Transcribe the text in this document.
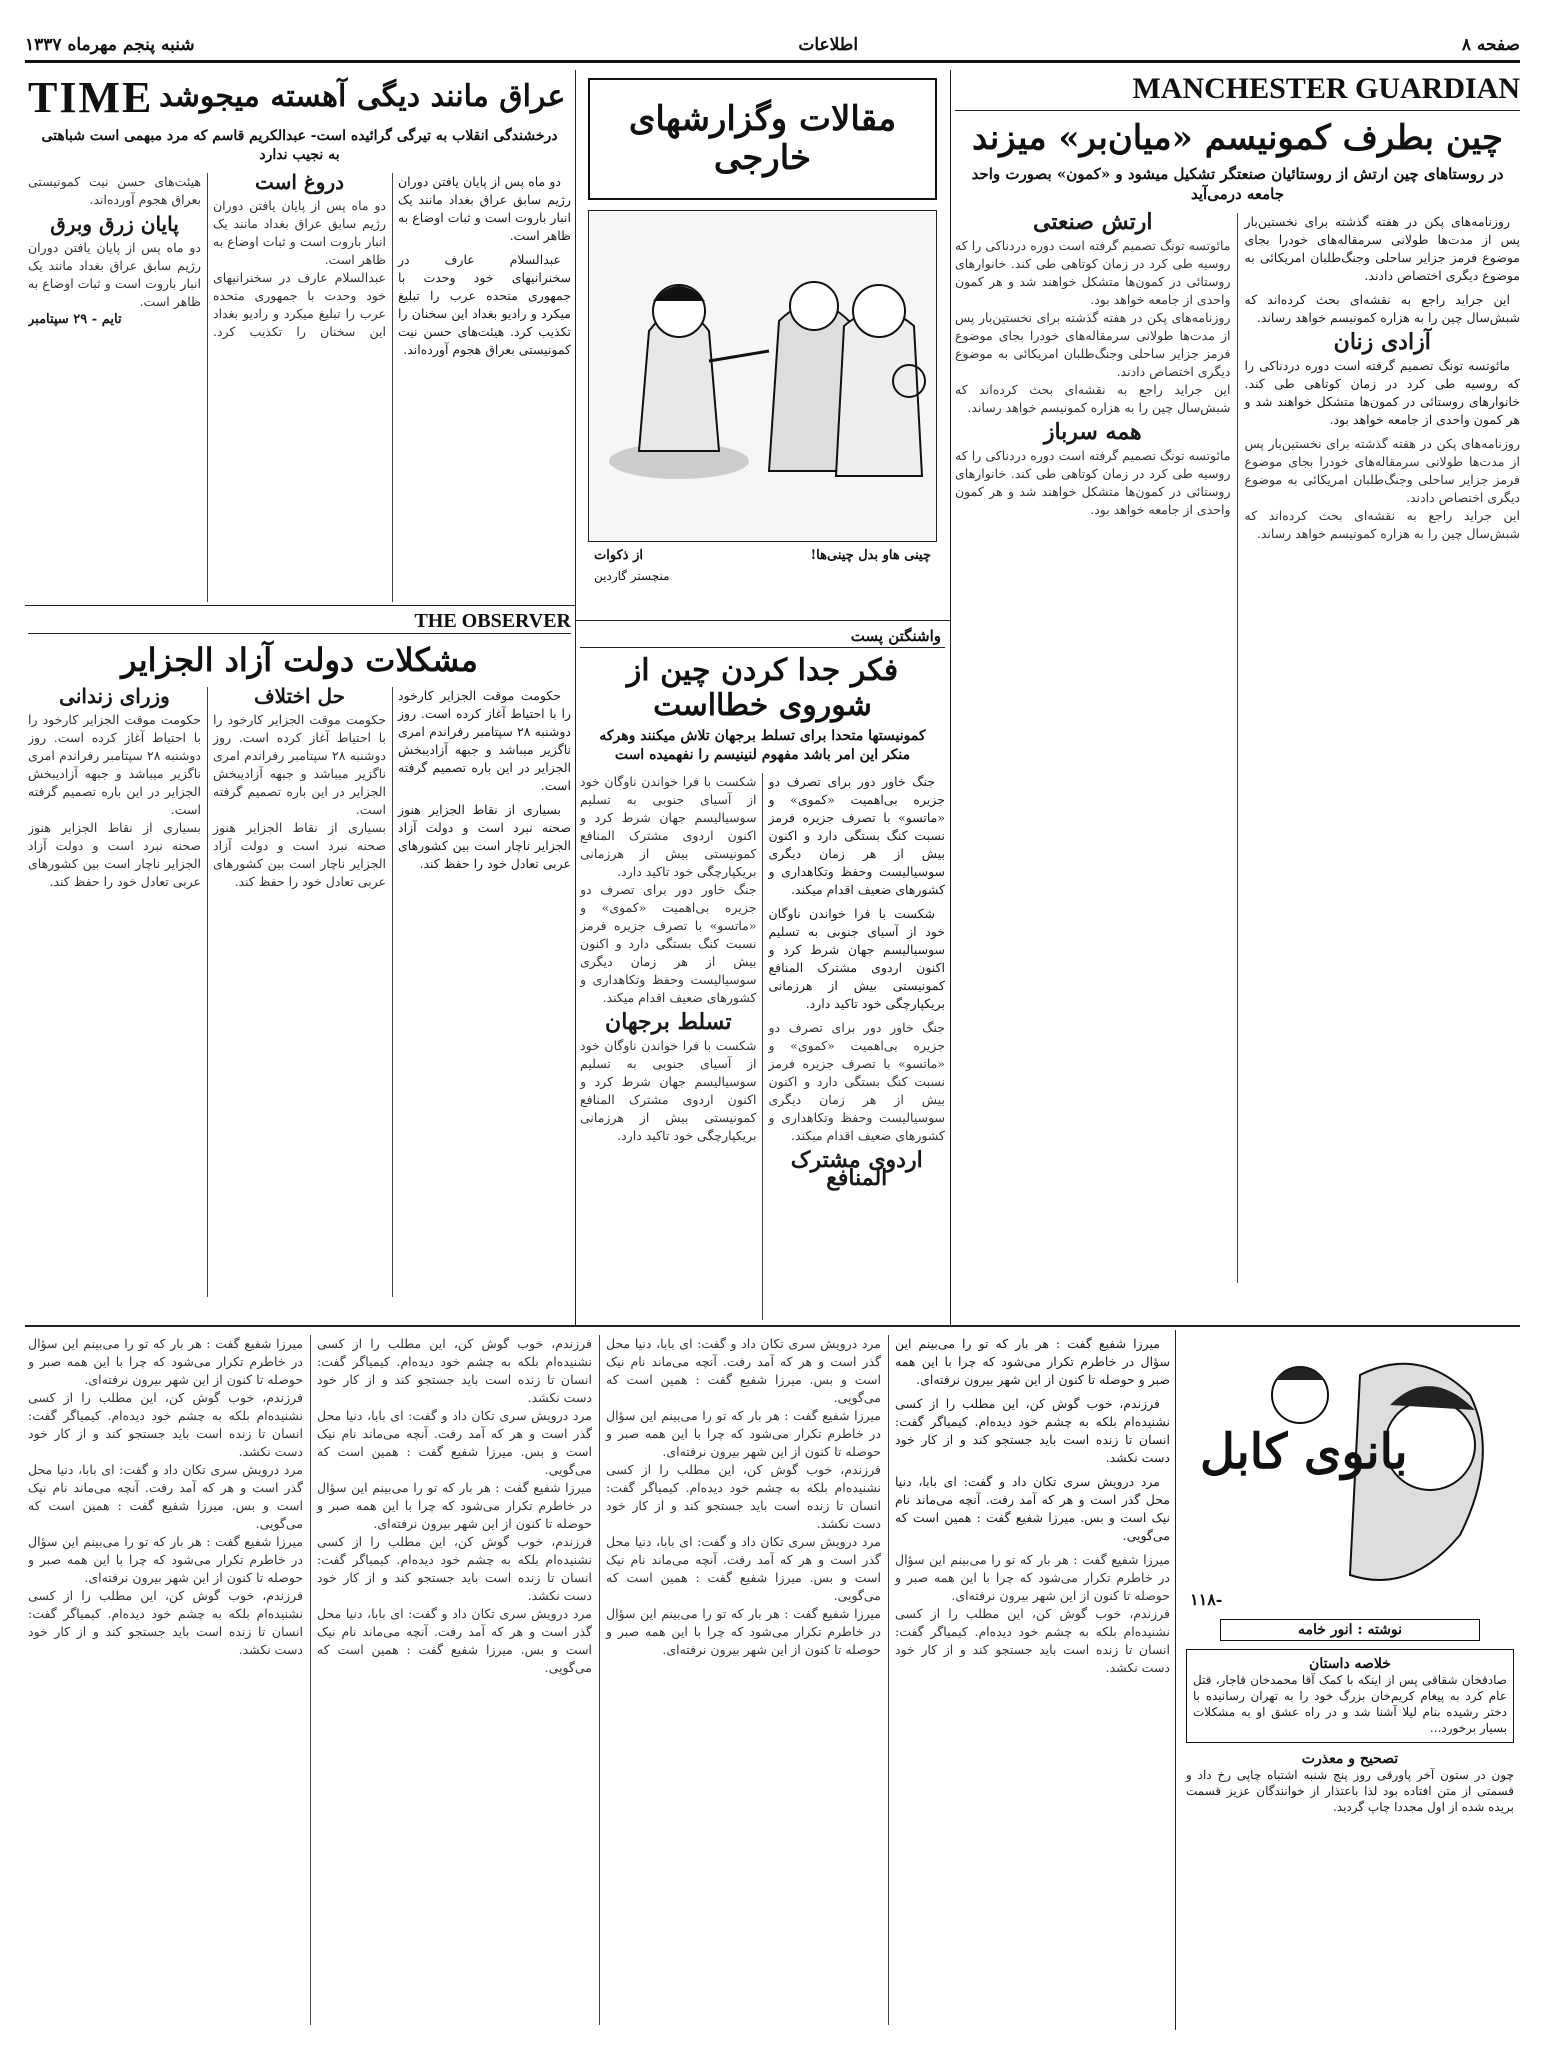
صفحه ۸
اطلاعات
شنبه پنجم مهرماه ۱۳۳۷
MANCHESTER GUARDIAN
چین بطرف کمونیسم «میان‌بر» میزند
در روستاهای چین ارتش از روستائیان صنعتگر تشکیل میشود و «کمون» بصورت واحد جامعه درمی‌آید

روزنامه‌های پکن در هفته گذشته برای نخستین‌بار پس از مدت‌ها طولانی سرمقاله‌های خودرا بجای موضوع فرمز جزایر ساحلی وجنگ‌طلبان امریکائی به موضوع دیگری اختصاص دادند.

این جراید راجع به نقشه‌ای بحث کرده‌اند که شبش‌سال چین را به هزاره کمونیسم خواهد رساند.

آزادی زنان

مائوتسه تونگ تصمیم گرفته است دوره دردناکی را که روسیه طی کرد در زمان کوتاهی طی کند. خانوارهای روستائی در کمون‌ها متشکل خواهند شد و هر کمون واحدی از جامعه خواهد بود.

روزنامه‌های پکن در هفته گذشته برای نخستین‌بار پس از مدت‌ها طولانی سرمقاله‌های خودرا بجای موضوع فرمز جزایر ساحلی وجنگ‌طلبان امریکائی به موضوع دیگری اختصاص دادند.
این جراید راجع به نقشه‌ای بحث کرده‌اند که شبش‌سال چین را به هزاره کمونیسم خواهد رساند.
ارتش صنعتی
مائوتسه تونگ تصمیم گرفته است دوره دردناکی را که روسیه طی کرد در زمان کوتاهی طی کند. خانوارهای روستائی در کمون‌ها متشکل خواهند شد و هر کمون واحدی از جامعه خواهد بود.
روزنامه‌های پکن در هفته گذشته برای نخستین‌بار پس از مدت‌ها طولانی سرمقاله‌های خودرا بجای موضوع فرمز جزایر ساحلی وجنگ‌طلبان امریکائی به موضوع دیگری اختصاص دادند.
این جراید راجع به نقشه‌ای بحث کرده‌اند که شبش‌سال چین را به هزاره کمونیسم خواهد رساند.
همه سرباز
مائوتسه تونگ تصمیم گرفته است دوره دردناکی را که روسیه طی کرد در زمان کوتاهی طی کند. خانوارهای روستائی در کمون‌ها متشکل خواهند شد و هر کمون واحدی از جامعه خواهد بود.
مقالات وگزارشهای خارجی
چینی هاو بدل چینی‌ها!
از ذکوات
منچستر گاردین
واشنگتن پست
فکر جدا کردن چین از شوروی خطااست
کمونیستها متحدا برای تسلط برجهان تلاش میکنند وهرکه منکر این امر باشد مفهوم لنینیسم را نفهمیده است

جنگ خاور دور برای تصرف دو جزیره بی‌اهمیت «کموی» و «ماتسو» با تصرف جزیره فرمز نسبت کنگ بستگی دارد و اکنون بیش از هر زمان دیگری سوسیالیست وحفظ وتکاهداری و کشورهای ضعیف اقدام میکند.

شکست با فرا خواندن ناوگان خود از آسیای جنوبی به تسلیم سوسیالیسم جهان شرط کرد و اکنون اردوی مشترک المنافع کمونیستی بیش از هرزمانی بریکپارچگی خود تاکید دارد.

جنگ خاور دور برای تصرف دو جزیره بی‌اهمیت «کموی» و «ماتسو» با تصرف جزیره فرمز نسبت کنگ بستگی دارد و اکنون بیش از هر زمان دیگری سوسیالیست وحفظ وتکاهداری و کشورهای ضعیف اقدام میکند.
اردوی مشترک المنافع
شکست با فرا خواندن ناوگان خود از آسیای جنوبی به تسلیم سوسیالیسم جهان شرط کرد و اکنون اردوی مشترک المنافع کمونیستی بیش از هرزمانی بریکپارچگی خود تاکید دارد.
جنگ خاور دور برای تصرف دو جزیره بی‌اهمیت «کموی» و «ماتسو» با تصرف جزیره فرمز نسبت کنگ بستگی دارد و اکنون بیش از هر زمان دیگری سوسیالیست وحفظ وتکاهداری و کشورهای ضعیف اقدام میکند.
تسلط برجهان
شکست با فرا خواندن ناوگان خود از آسیای جنوبی به تسلیم سوسیالیسم جهان شرط کرد و اکنون اردوی مشترک المنافع کمونیستی بیش از هرزمانی بریکپارچگی خود تاکید دارد.
عراق مانند دیگی آهسته میجوشد
TIME
درخشندگی انقلاب به تیرگی گرائیده است- عبدالکریم قاسم که مرد مبهمی است شباهتی به نجیب ندارد

دو ماه پس از پایان یافتن دوران رژیم سابق عراق بغداد مانند یک انبار باروت است و ثبات اوضاع به ظاهر است.

عبدالسلام عارف در سخنرانیهای خود وحدت با جمهوری متحده عرب را تبلیغ میکرد و رادیو بغداد این سخنان را تکذیب کرد. هیئت‌های حسن نیت کمونیستی بعراق هجوم آورده‌اند.

دروغ است
دو ماه پس از پایان یافتن دوران رژیم سابق عراق بغداد مانند یک انبار باروت است و ثبات اوضاع به ظاهر است.
عبدالسلام عارف در سخنرانیهای خود وحدت با جمهوری متحده عرب را تبلیغ میکرد و رادیو بغداد این سخنان را تکذیب کرد. هیئت‌های حسن نیت کمونیستی بعراق هجوم آورده‌اند.
پایان زرق وبرق
دو ماه پس از پایان یافتن دوران رژیم سابق عراق بغداد مانند یک انبار باروت است و ثبات اوضاع به ظاهر است.
تایم - ۲۹ سپتامبر
THE OBSERVER
مشکلات دولت آزاد الجزایر

حکومت موقت الجزایر کارخود را با احتیاط آغاز کرده است. روز دوشنبه ۲۸ سپتامبر رفراندم امری ناگزیر میباشد و جبهه آزادیبخش الجزایر در این باره تصمیم گرفته است.

بسیاری از نقاط الجزایر هنوز صحنه نبرد است و دولت آزاد الجزایر ناچار است بین کشورهای عربی تعادل خود را حفظ کند.

حل اختلاف
حکومت موقت الجزایر کارخود را با احتیاط آغاز کرده است. روز دوشنبه ۲۸ سپتامبر رفراندم امری ناگزیر میباشد و جبهه آزادیبخش الجزایر در این باره تصمیم گرفته است.
بسیاری از نقاط الجزایر هنوز صحنه نبرد است و دولت آزاد الجزایر ناچار است بین کشورهای عربی تعادل خود را حفظ کند.
وزرای زندانی
حکومت موقت الجزایر کارخود را با احتیاط آغاز کرده است. روز دوشنبه ۲۸ سپتامبر رفراندم امری ناگزیر میباشد و جبهه آزادیبخش الجزایر در این باره تصمیم گرفته است.
بسیاری از نقاط الجزایر هنوز صحنه نبرد است و دولت آزاد الجزایر ناچار است بین کشورهای عربی تعادل خود را حفظ کند.
بانوی کابل
-۱۱۸
نوشته : انور خامه
خلاصه داستان
صادقخان شقاقی پس از اینکه با کمک آقا محمدخان قاجار، قتل عام کرد به پیغام کریم‌خان بزرگ خود را به تهران رسانیده با دختر رشیده بنام لیلا آشنا شد و در راه عشق او به مشکلات بسیار برخورد...
تصحیح و معذرت
چون در ستون آخر پاورقی روز پنج شنبه اشتباه چاپی رخ داد و قسمتی از متن افتاده بود لذا باعتذار از خوانندگان عزیز قسمت‌ بریده شده از اول مجددا چاپ گردید.

میرزا شفیع گفت : هر بار که تو را می‌بینم این سؤال در خاطرم تکرار می‌شود که چرا با این همه صبر و حوصله تا کنون از این شهر بیرون نرفته‌ای.

فرزندم، خوب گوش کن، این مطلب را از کسی نشنیده‌ام بلکه به چشم خود دیده‌ام. کیمیاگر گفت: انسان تا زنده است باید جستجو کند و از کار خود دست نکشد.

مرد درویش سری تکان داد و گفت: ای بابا، دنیا محل گذر است و هر که آمد رفت. آنچه می‌ماند نام نیک است و بس. میرزا شفیع گفت : همین است که می‌گویی.

میرزا شفیع گفت : هر بار که تو را می‌بینم این سؤال در خاطرم تکرار می‌شود که چرا با این همه صبر و حوصله تا کنون از این شهر بیرون نرفته‌ای.
فرزندم، خوب گوش کن، این مطلب را از کسی نشنیده‌ام بلکه به چشم خود دیده‌ام. کیمیاگر گفت: انسان تا زنده است باید جستجو کند و از کار خود دست نکشد.
مرد درویش سری تکان داد و گفت: ای بابا، دنیا محل گذر است و هر که آمد رفت. آنچه می‌ماند نام نیک است و بس. میرزا شفیع گفت : همین است که می‌گویی.
میرزا شفیع گفت : هر بار که تو را می‌بینم این سؤال در خاطرم تکرار می‌شود که چرا با این همه صبر و حوصله تا کنون از این شهر بیرون نرفته‌ای.
فرزندم، خوب گوش کن، این مطلب را از کسی نشنیده‌ام بلکه به چشم خود دیده‌ام. کیمیاگر گفت: انسان تا زنده است باید جستجو کند و از کار خود دست نکشد.
مرد درویش سری تکان داد و گفت: ای بابا، دنیا محل گذر است و هر که آمد رفت. آنچه می‌ماند نام نیک است و بس. میرزا شفیع گفت : همین است که می‌گویی.
میرزا شفیع گفت : هر بار که تو را می‌بینم این سؤال در خاطرم تکرار می‌شود که چرا با این همه صبر و حوصله تا کنون از این شهر بیرون نرفته‌ای.
فرزندم، خوب گوش کن، این مطلب را از کسی نشنیده‌ام بلکه به چشم خود دیده‌ام. کیمیاگر گفت: انسان تا زنده است باید جستجو کند و از کار خود دست نکشد.
مرد درویش سری تکان داد و گفت: ای بابا، دنیا محل گذر است و هر که آمد رفت. آنچه می‌ماند نام نیک است و بس. میرزا شفیع گفت : همین است که می‌گویی.
میرزا شفیع گفت : هر بار که تو را می‌بینم این سؤال در خاطرم تکرار می‌شود که چرا با این همه صبر و حوصله تا کنون از این شهر بیرون نرفته‌ای.
فرزندم، خوب گوش کن، این مطلب را از کسی نشنیده‌ام بلکه به چشم خود دیده‌ام. کیمیاگر گفت: انسان تا زنده است باید جستجو کند و از کار خود دست نکشد.
مرد درویش سری تکان داد و گفت: ای بابا، دنیا محل گذر است و هر که آمد رفت. آنچه می‌ماند نام نیک است و بس. میرزا شفیع گفت : همین است که می‌گویی.
میرزا شفیع گفت : هر بار که تو را می‌بینم این سؤال در خاطرم تکرار می‌شود که چرا با این همه صبر و حوصله تا کنون از این شهر بیرون نرفته‌ای.
فرزندم، خوب گوش کن، این مطلب را از کسی نشنیده‌ام بلکه به چشم خود دیده‌ام. کیمیاگر گفت: انسان تا زنده است باید جستجو کند و از کار خود دست نکشد.
مرد درویش سری تکان داد و گفت: ای بابا، دنیا محل گذر است و هر که آمد رفت. آنچه می‌ماند نام نیک است و بس. میرزا شفیع گفت : همین است که می‌گویی.
میرزا شفیع گفت : هر بار که تو را می‌بینم این سؤال در خاطرم تکرار می‌شود که چرا با این همه صبر و حوصله تا کنون از این شهر بیرون نرفته‌ای.
فرزندم، خوب گوش کن، این مطلب را از کسی نشنیده‌ام بلکه به چشم خود دیده‌ام. کیمیاگر گفت: انسان تا زنده است باید جستجو کند و از کار خود دست نکشد.
